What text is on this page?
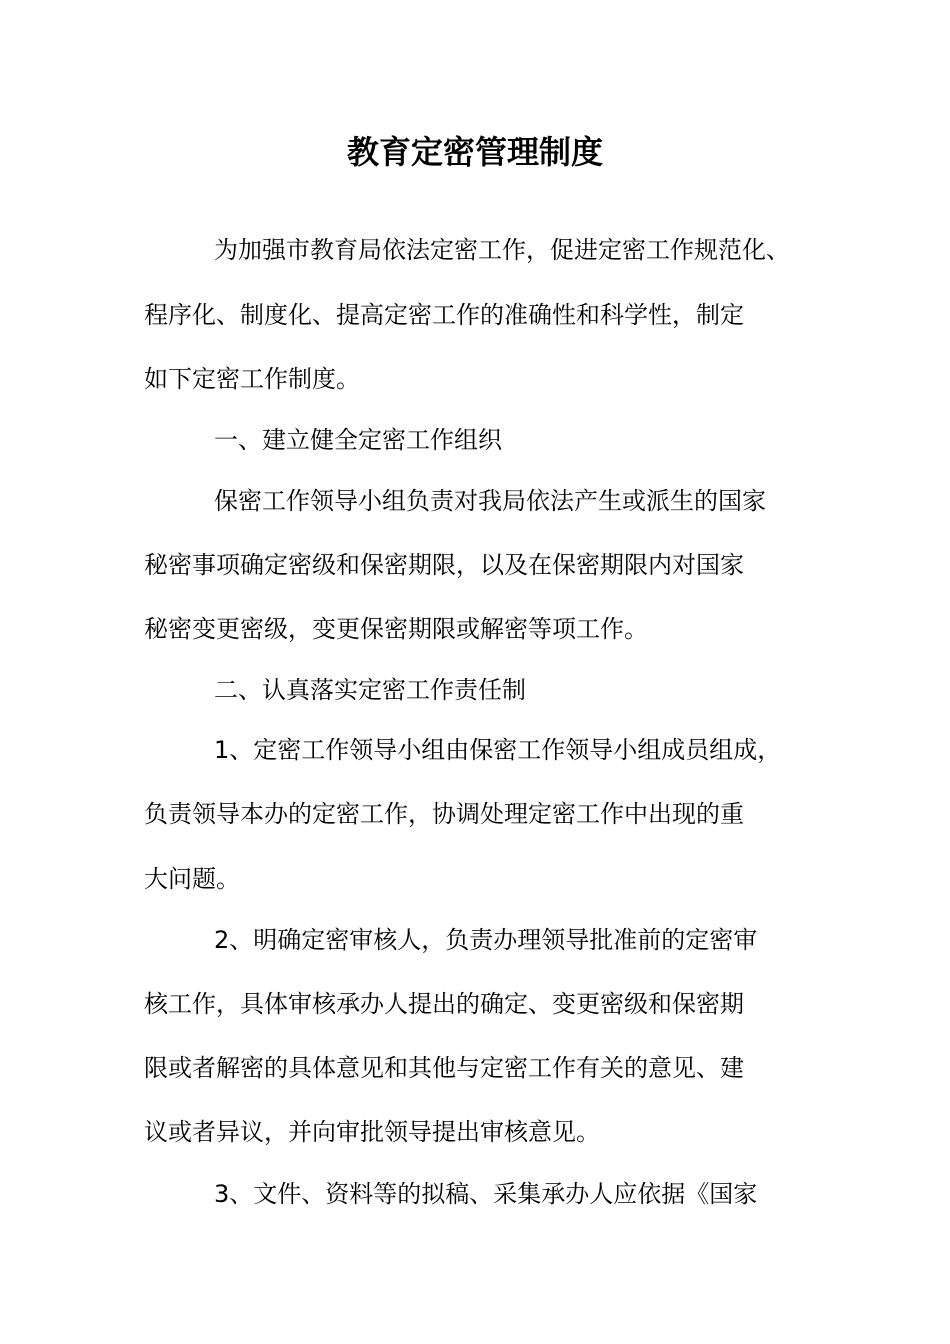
教育定密管理制度

为加强市教育局依法定密工作，促进定密工作规范化、

程序化、制度化、提高定密工作的准确性和科学性，制定

如下定密工作制度。

一、建立健全定密工作组织

保密工作领导小组负责对我局依法产生或派生的国家

秘密事项确定密级和保密期限，以及在保密期限内对国家

秘密变更密级，变更保密期限或解密等项工作。

二、认真落实定密工作责任制

1、定密工作领导小组由保密工作领导小组成员组成，

负责领导本办的定密工作，协调处理定密工作中出现的重

大问题。

2、明确定密审核人，负责办理领导批准前的定密审

核工作，具体审核承办人提出的确定、变更密级和保密期

限或者解密的具体意见和其他与定密工作有关的意见、建

议或者异议，并向审批领导提出审核意见。

3、文件、资料等的拟稿、采集承办人应依据《国家
